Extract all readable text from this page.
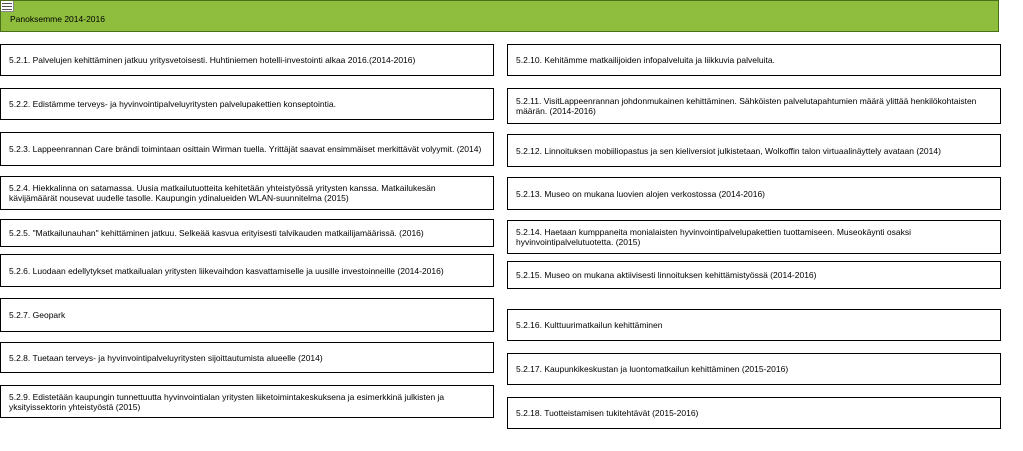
Panoksemme 2014-2016
5.2.1. Palvelujen kehittäminen jatkuu yritysvetoisesti. Huhtiniemen hotelli-investointi alkaa 2016.(2014-2016)
5.2.2. Edistämme terveys- ja hyvinvointipalveluyritysten palvelupakettien konseptointia.
5.2.3. Lappeenrannan Care brändi toimintaan osittain Wirman tuella. Yrittäjät saavat ensimmäiset merkittävät volyymit. (2014)
5.2.4. Hiekkalinna on satamassa. Uusia matkailutuotteita kehitetään yhteistyössä yritysten kanssa. Matkailukesän kävijämäärät nousevat uudelle tasolle. Kaupungin ydinalueiden WLAN-suunnitelma (2015)
5.2.5. "Matkailunauhan" kehittäminen jatkuu. Selkeää kasvua erityisesti talvikauden matkailijamäärissä. (2016)
5.2.6. Luodaan edellytykset matkailualan yritysten liikevaihdon kasvattamiselle ja uusille investoinneille (2014-2016)
5.2.7. Geopark
5.2.8. Tuetaan terveys- ja hyvinvointipalveluyritysten sijoittautumista alueelle (2014)
5.2.9. Edistetään kaupungin tunnettuutta hyvinvointialan yritysten liiketoimintakeskuksena ja esimerkkinä julkisten ja yksityissektorin yhteistyöstä (2015)
5.2.10. Kehitämme matkailijoiden infopalveluita ja liikkuvia palveluita.
5.2.11. VisitLappeenrannan johdonmukainen kehittäminen. Sähköisten palvelutapahtumien määrä ylittää henkilökohtaisten määrän. (2014-2016)
5.2.12. Linnoituksen mobiiliopastus ja sen kieliversiot julkistetaan, Wolkoffin talon virtuaalinäyttely avataan (2014)
5.2.13. Museo on mukana luovien alojen verkostossa (2014-2016)
5.2.14. Haetaan kumppaneita monialaisten hyvinvointipalvelupakettien tuottamiseen. Museokäynti osaksi hyvinvointipalvelutuotetta. (2015)
5.2.15. Museo on mukana aktiivisesti linnoituksen kehittämistyössä (2014-2016)
5.2.16. Kulttuurimatkailun kehittäminen
5.2.17. Kaupunkikeskustan ja luontomatkailun kehittäminen (2015-2016)
5.2.18. Tuotteistamisen tukitehtävät (2015-2016)
